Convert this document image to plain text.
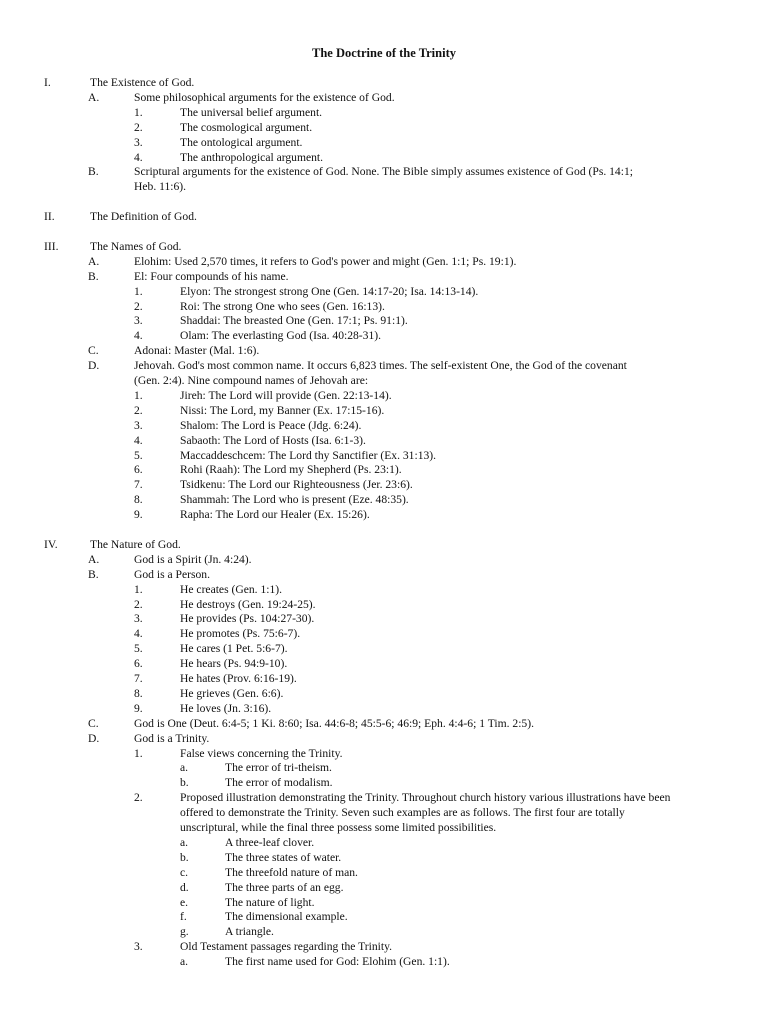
The Doctrine of the Trinity
I.	The Existence of God.
A.	Some philosophical arguments for the existence of God.
1.	The universal belief argument.
2.	The cosmological argument.
3.	The ontological argument.
4.	The anthropological argument.
B.	Scriptural arguments for the existence of God. None. The Bible simply assumes existence of God (Ps. 14:1;
Heb. 11:6).
II.	The Definition of God.
III.	The Names of God.
A.	Elohim: Used 2,570 times, it refers to God's power and might (Gen. 1:1; Ps. 19:1).
B.	El: Four compounds of his name.
1.	Elyon: The strongest strong One (Gen. 14:17-20; Isa. 14:13-14).
2.	Roi: The strong One who sees (Gen. 16:13).
3.	Shaddai: The breasted One (Gen. 17:1; Ps. 91:1).
4.	Olam: The everlasting God (Isa. 40:28-31).
C.	Adonai: Master (Mal. 1:6).
D.	Jehovah. God's most common name. It occurs 6,823 times. The self-existent One, the God of the covenant
(Gen. 2:4). Nine compound names of Jehovah are:
1.	Jireh: The Lord will provide (Gen. 22:13-14).
2.	Nissi: The Lord, my Banner (Ex. 17:15-16).
3.	Shalom: The Lord is Peace (Jdg. 6:24).
4.	Sabaoth: The Lord of Hosts (Isa. 6:1-3).
5.	Maccaddeschcem: The Lord thy Sanctifier (Ex. 31:13).
6.	Rohi (Raah): The Lord my Shepherd (Ps. 23:1).
7.	Tsidkenu: The Lord our Righteousness (Jer. 23:6).
8.	Shammah: The Lord who is present (Eze. 48:35).
9.	Rapha: The Lord our Healer (Ex. 15:26).
IV.	The Nature of God.
A.	God is a Spirit (Jn. 4:24).
B.	God is a Person.
1.	He creates (Gen. 1:1).
2.	He destroys (Gen. 19:24-25).
3.	He provides (Ps. 104:27-30).
4.	He promotes (Ps. 75:6-7).
5.	He cares (1 Pet. 5:6-7).
6.	He hears (Ps. 94:9-10).
7.	He hates (Prov. 6:16-19).
8.	He grieves (Gen. 6:6).
9.	He loves (Jn. 3:16).
C.	God is One (Deut. 6:4-5; 1 Ki. 8:60; Isa. 44:6-8; 45:5-6; 46:9; Eph. 4:4-6; 1 Tim. 2:5).
D.	God is a Trinity.
1.	False views concerning the Trinity.
a.	The error of tri-theism.
b.	The error of modalism.
2.	Proposed illustration demonstrating the Trinity. Throughout church history various illustrations have been
offered to demonstrate the Trinity. Seven such examples are as follows. The first four are totally
unscriptural, while the final three possess some limited possibilities.
a.	A three-leaf clover.
b.	The three states of water.
c.	The threefold nature of man.
d.	The three parts of an egg.
e.	The nature of light.
f.	The dimensional example.
g.	A triangle.
3.	Old Testament passages regarding the Trinity.
a.	The first name used for God: Elohim (Gen. 1:1).
